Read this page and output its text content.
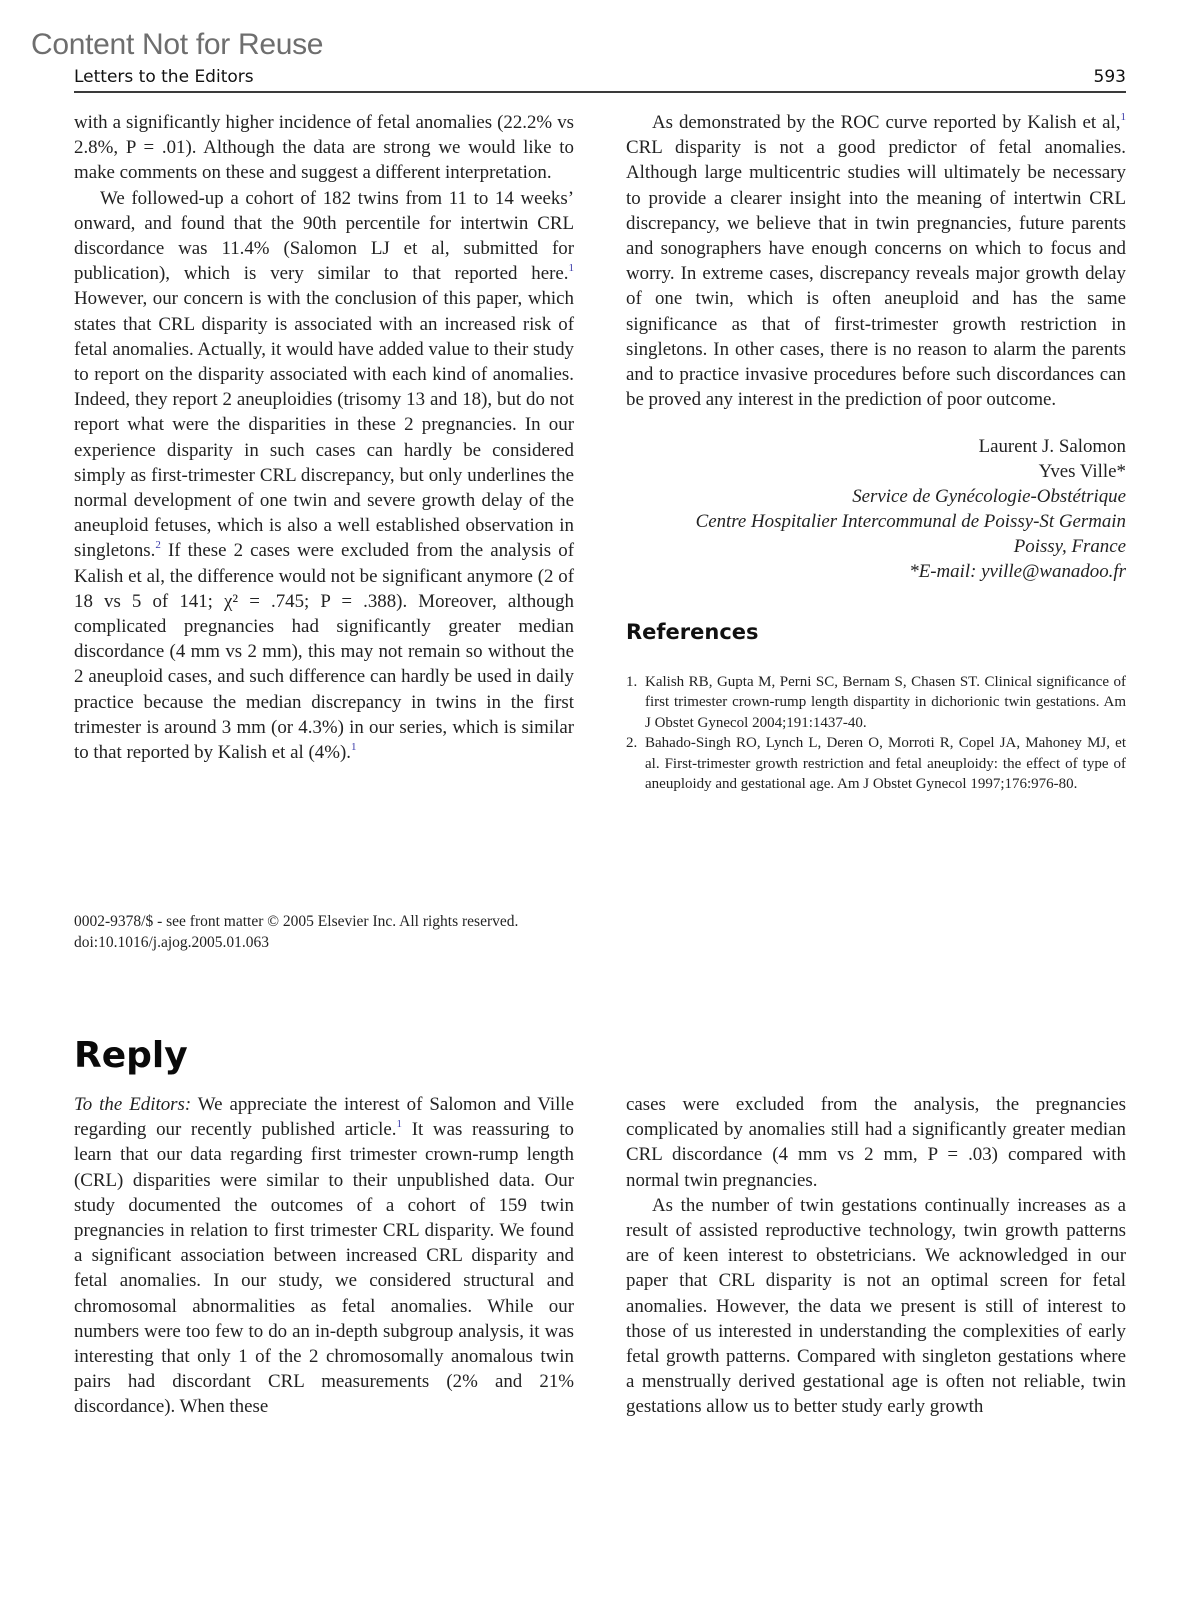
Content Not for Reuse
Letters to the Editors	593

with a significantly higher incidence of fetal anomalies (22.2% vs 2.8%, P = .01). Although the data are strong we would like to make comments on these and suggest a different interpretation.

We followed-up a cohort of 182 twins from 11 to 14 weeks’ onward, and found that the 90th percentile for intertwin CRL discordance was 11.4% (Salomon LJ et al, submitted for publication), which is very similar to that reported here.$^1$ However, our concern is with the conclusion of this paper, which states that CRL disparity is associated with an increased risk of fetal anomalies. Actually, it would have added value to their study to report on the disparity associated with each kind of anomalies. Indeed, they report 2 aneuploidies (trisomy 13 and 18), but do not report what were the disparities in these 2 pregnancies. In our experience disparity in such cases can hardly be considered simply as first-trimester CRL discrepancy, but only underlines the normal development of one twin and severe growth delay of the aneuploid fetuses, which is also a well established observation in singletons.$^2$ If these 2 cases were excluded from the analysis of Kalish et al, the difference would not be significant anymore (2 of 18 vs 5 of 141; χ² = .745; P = .388). Moreover, although complicated pregnancies had significantly greater median discordance (4 mm vs 2 mm), this may not remain so without the 2 aneuploid cases, and such difference can hardly be used in daily practice because the median discrepancy in twins in the first trimester is around 3 mm (or 4.3%) in our series, which is similar to that reported by Kalish et al (4%).$^1$

0002-9378/$ - see front matter © 2005 Elsevier Inc. All rights reserved.
doi:10.1016/j.ajog.2005.01.063

As demonstrated by the ROC curve reported by Kalish et al,$^1$ CRL disparity is not a good predictor of fetal anomalies. Although large multicentric studies will ultimately be necessary to provide a clearer insight into the meaning of intertwin CRL discrepancy, we believe that in twin pregnancies, future parents and sonographers have enough concerns on which to focus and worry. In extreme cases, discrepancy reveals major growth delay of one twin, which is often aneuploid and has the same significance as that of first-trimester growth restriction in singletons. In other cases, there is no reason to alarm the parents and to practice invasive procedures before such discordances can be proved any interest in the prediction of poor outcome.

Laurent J. Salomon
Yves Ville*
Service de Gynécologie-Obstétrique
Centre Hospitalier Intercommunal de Poissy-St Germain
Poissy, France
*E-mail: yville@wanadoo.fr
References
1. Kalish RB, Gupta M, Perni SC, Bernam S, Chasen ST. Clinical significance of first trimester crown-rump length dispartity in dichorionic twin gestations. Am J Obstet Gynecol 2004;191:1437-40.
2. Bahado-Singh RO, Lynch L, Deren O, Morroti R, Copel JA, Mahoney MJ, et al. First-trimester growth restriction and fetal aneuploidy: the effect of type of aneuploidy and gestational age. Am J Obstet Gynecol 1997;176:976-80.
Reply

To the Editors: We appreciate the interest of Salomon and Ville regarding our recently published article.$^1$ It was reassuring to learn that our data regarding first trimester crown-rump length (CRL) disparities were similar to their unpublished data. Our study documented the outcomes of a cohort of 159 twin pregnancies in relation to first trimester CRL disparity. We found a significant association between increased CRL disparity and fetal anomalies. In our study, we considered structural and chromosomal abnormalities as fetal anomalies. While our numbers were too few to do an in-depth subgroup analysis, it was interesting that only 1 of the 2 chromosomally anomalous twin pairs had discordant CRL measurements (2% and 21% discordance). When these

cases were excluded from the analysis, the pregnancies complicated by anomalies still had a significantly greater median CRL discordance (4 mm vs 2 mm, P = .03) compared with normal twin pregnancies.

As the number of twin gestations continually increases as a result of assisted reproductive technology, twin growth patterns are of keen interest to obstetricians. We acknowledged in our paper that CRL disparity is not an optimal screen for fetal anomalies. However, the data we present is still of interest to those of us interested in understanding the complexities of early fetal growth patterns. Compared with singleton gestations where a menstrually derived gestational age is often not reliable, twin gestations allow us to better study early growth
